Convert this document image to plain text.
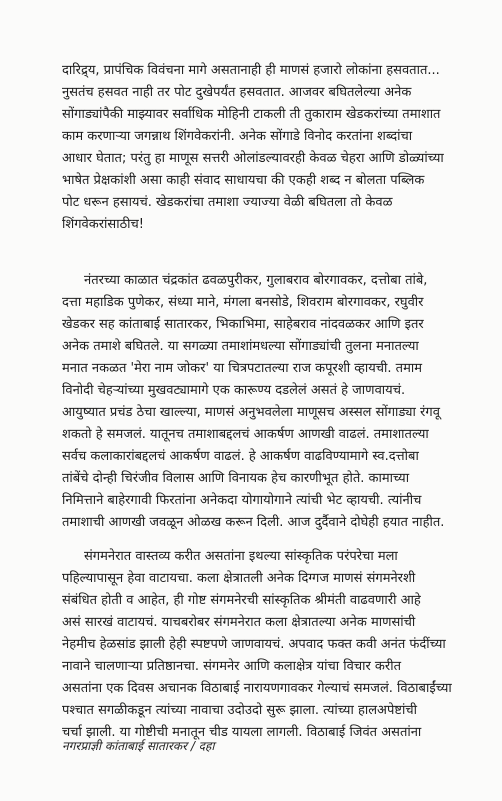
दारिद्र्य, प्रापंचिक विवंचना मागे असतानाही ही माणसं हजारो लोकांना हसवतात...
नुसतंच हसवत नाही तर पोट दुखेपर्यंत हसवतात. आजवर बघितलेल्या अनेक
सोंगाड्यांपैकी माझ्यावर सर्वाधिक मोहिनी टाकली ती तुकाराम खेडकरांच्या तमाशात
काम करणाऱ्या जगन्नाथ शिंगवेकरांनी. अनेक सोंगाडे विनोद करतांना शब्दांचा
आधार घेतात; परंतु हा माणूस सत्तरी ओलांडल्यावरही केवळ चेहरा आणि डोळ्यांच्या
भाषेत प्रेक्षकांशी असा काही संवाद साधायचा की एकही शब्द न बोलता पब्लिक
पोट धरून हसायचं. खेडकरांचा तमाशा ज्याज्या वेळी बघितला तो केवळ
शिंगवेकरांसाठीच!
नंतरच्या काळात चंद्रकांत ढवळपुरीकर, गुलाबराव बोरगावकर, दत्तोबा तांबे,
दत्ता महाडिक पुणेकर, संध्या माने, मंगला बनसोडे, शिवराम बोरगावकर, रघुवीर
खेडकर सह कांताबाई सातारकर, भिकाभिमा, साहेबराव नांदवळकर आणि इतर
अनेक तमाशे बघितले. या सगळ्या तमाशांमधल्या सोंगाड्यांची तुलना मनातल्या
मनात नकळत 'मेरा नाम जोकर' या चित्रपटातल्या राज कपूरशी व्हायची. तमाम
विनोदी चेहऱ्यांच्या मुखवट्यामागे एक कारूण्य दडलेलं असतं हे जाणवायचं.
आयुष्यात प्रचंड ठेचा खाल्ल्या, माणसं अनुभवलेला माणूसच अस्सल सोंगाड्या रंगवू
शकतो हे समजलं. यातूनच तमाशाबद्दलचं आकर्षण आणखी वाढलं. तमाशातल्या
सर्वच कलाकारांबद्दलचं आकर्षण वाढलं. हे आकर्षण वाढविण्यामागे स्व.दत्तोबा
तांबेंचे दोन्ही चिरंजीव विलास आणि विनायक हेच कारणीभूत होते. कामाच्या
निमित्ताने बाहेरगावी फिरतांना अनेकदा योगायोगाने त्यांची भेट व्हायची. त्यांनीच
तमाशाची आणखी जवळून ओळख करून दिली. आज दुर्दैवाने दोघेही हयात नाहीत.
संगमनेरात वास्तव्य करीत असतांना इथल्या सांस्कृतिक परंपरेचा मला
पहिल्यापासून हेवा वाटायचा. कला क्षेत्रातली अनेक दिग्गज माणसं संगमनेरशी
संबंधित होती व आहेत, ही गोष्ट संगमनेरची सांस्कृतिक श्रीमंती वाढवणारी आहे
असं सारखं वाटायचं. याचबरोबर संगमनेरात कला क्षेत्रातल्या अनेक माणसांची
नेहमीच हेळसांड झाली हेही स्पष्टपणे जाणवायचं. अपवाद फक्त कवी अनंत फंदींच्या
नावाने चालणाऱ्या प्रतिष्ठानचा. संगमनेर आणि कलाक्षेत्र यांचा विचार करीत
असतांना एक दिवस अचानक विठाबाई नारायणगावकर गेल्याचं समजलं. विठाबाईंच्या
पश्चात सगळीकडून त्यांच्या नावाचा उदोउदो सुरू झाला. त्यांच्या हालअपेष्टांची
चर्चा झाली. या गोष्टीची मनातून चीड यायला लागली. विठाबाई जिवंत असतांना
नगरप्राज्ञी कांताबाई सातारकर / दहा
